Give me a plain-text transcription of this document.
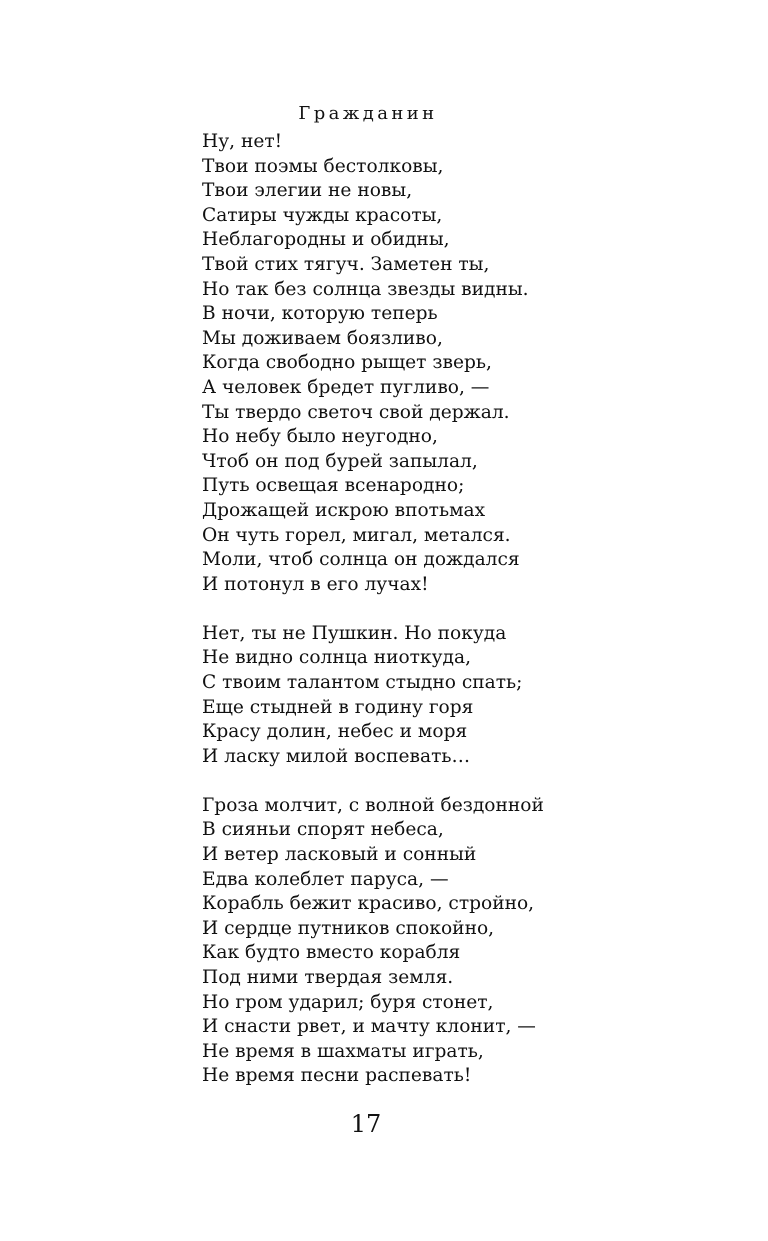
Гражданин
Ну, нет!
Твои поэмы бестолковы,
Твои элегии не новы,
Сатиры чужды красоты,
Неблагородны и обидны,
Твой стих тягуч. Заметен ты,
Но так без солнца звезды видны.
В ночи, которую теперь
Мы доживаем боязливо,
Когда свободно рыщет зверь,
А человек бредет пугливо, —
Ты твердо светоч свой держал.
Но небу было неугодно,
Чтоб он под бурей запылал,
Путь освещая всенародно;
Дрожащей искрою впотьмах
Он чуть горел, мигал, метался.
Моли, чтоб солнца он дождался
И потонул в его лучах!
Нет, ты не Пушкин. Но покуда
Не видно солнца ниоткуда,
С твоим талантом стыдно спать;
Еще стыдней в годину горя
Красу долин, небес и моря
И ласку милой воспевать…
Гроза молчит, с волной бездонной
В сияньи спорят небеса,
И ветер ласковый и сонный
Едва колеблет паруса, —
Корабль бежит красиво, стройно,
И сердце путников спокойно,
Как будто вместо корабля
Под ними твердая земля.
Но гром ударил; буря стонет,
И снасти рвет, и мачту клонит, —
Не время в шахматы играть,
Не время песни распевать!
17
